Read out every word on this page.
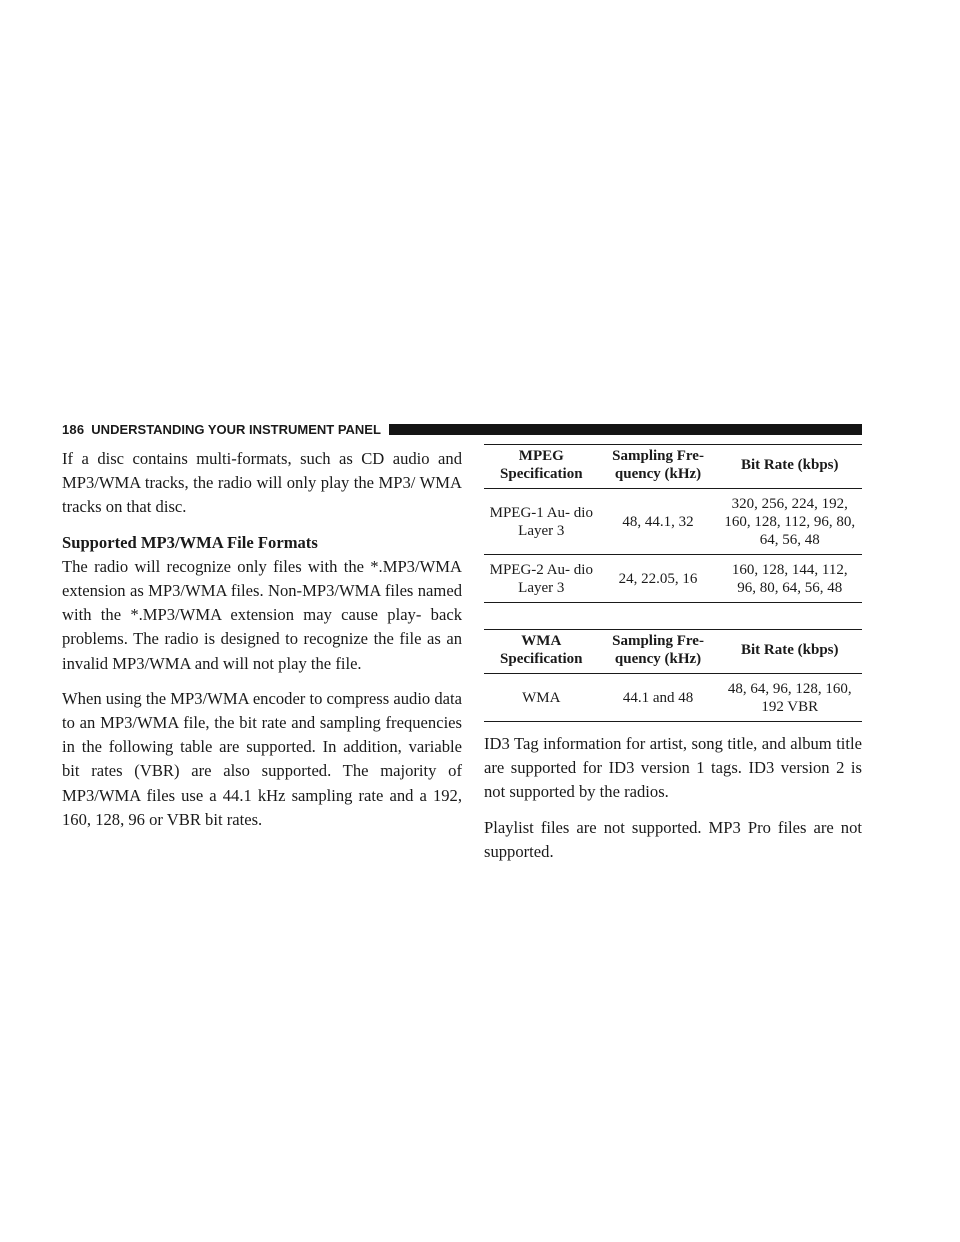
186 UNDERSTANDING YOUR INSTRUMENT PANEL

If a disc contains multi-formats, such as CD audio and MP3/WMA tracks, the radio will only play the MP3/ WMA tracks on that disc.

Supported MP3/WMA File Formats

The radio will recognize only files with the *.MP3/WMA extension as MP3/WMA files. Non-MP3/WMA files named with the *.MP3/WMA extension may cause play- back problems. The radio is designed to recognize the file as an invalid MP3/WMA and will not play the file.

When using the MP3/WMA encoder to compress audio data to an MP3/WMA file, the bit rate and sampling frequencies in the following table are supported. In addition, variable bit rates (VBR) are also supported. The majority of MP3/WMA files use a 44.1 kHz sampling rate and a 192, 160, 128, 96 or VBR bit rates.

MPEG Specification	Sampling Fre- quency (kHz)	Bit Rate (kbps)
MPEG-1 Au- dio Layer 3	48, 44.1, 32	320, 256, 224, 192, 160, 128, 112, 96, 80, 64, 56, 48
MPEG-2 Au- dio Layer 3	24, 22.05, 16	160, 128, 144, 112, 96, 80, 64, 56, 48
WMA Specification	Sampling Fre- quency (kHz)	Bit Rate (kbps)
WMA	44.1 and 48	48, 64, 96, 128, 160, 192 VBR

ID3 Tag information for artist, song title, and album title are supported for ID3 version 1 tags. ID3 version 2 is not supported by the radios.

Playlist files are not supported. MP3 Pro files are not supported.
